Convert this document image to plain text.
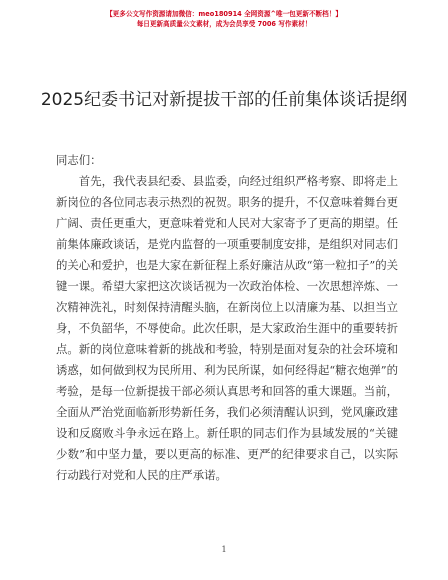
【更多公文写作资源请加微信：meo180914 全网资源^唯一包更新不断档！】
每日更新高质量公文素材，成为会员享受 7006 写作素材！
2025纪委书记对新提拔干部的任前集体谈话提纲

同志们：

首先，我代表县纪委、县监委，向经过组织严格考察、即将走上新岗位的各位同志表示热烈的祝贺。职务的提升，不仅意味着舞台更广阔、责任更重大，更意味着党和人民对大家寄予了更高的期望。任前集体廉政谈话，是党内监督的一项重要制度安排，是组织对同志们的关心和爱护，也是大家在新征程上系好廉洁从政“第一粒扣子”的关键一课。希望大家把这次谈话视为一次政治体检、一次思想淬炼、一次精神洗礼，时刻保持清醒头脑，在新岗位上以清廉为基、以担当立身，不负韶华，不辱使命。此次任职，是大家政治生涯中的重要转折点。新的岗位意味着新的挑战和考验，特别是面对复杂的社会环境和诱惑，如何做到权为民所用、利为民所谋，如何经得起“糖衣炮弹”的考验，是每一位新提拔干部必须认真思考和回答的重大课题。当前，全面从严治党面临新形势新任务，我们必须清醒认识到，党风廉政建设和反腐败斗争永远在路上。新任职的同志们作为县域发展的“关键少数”和中坚力量，要以更高的标准、更严的纪律要求自己，以实际行动践行对党和人民的庄严承诺。

1
